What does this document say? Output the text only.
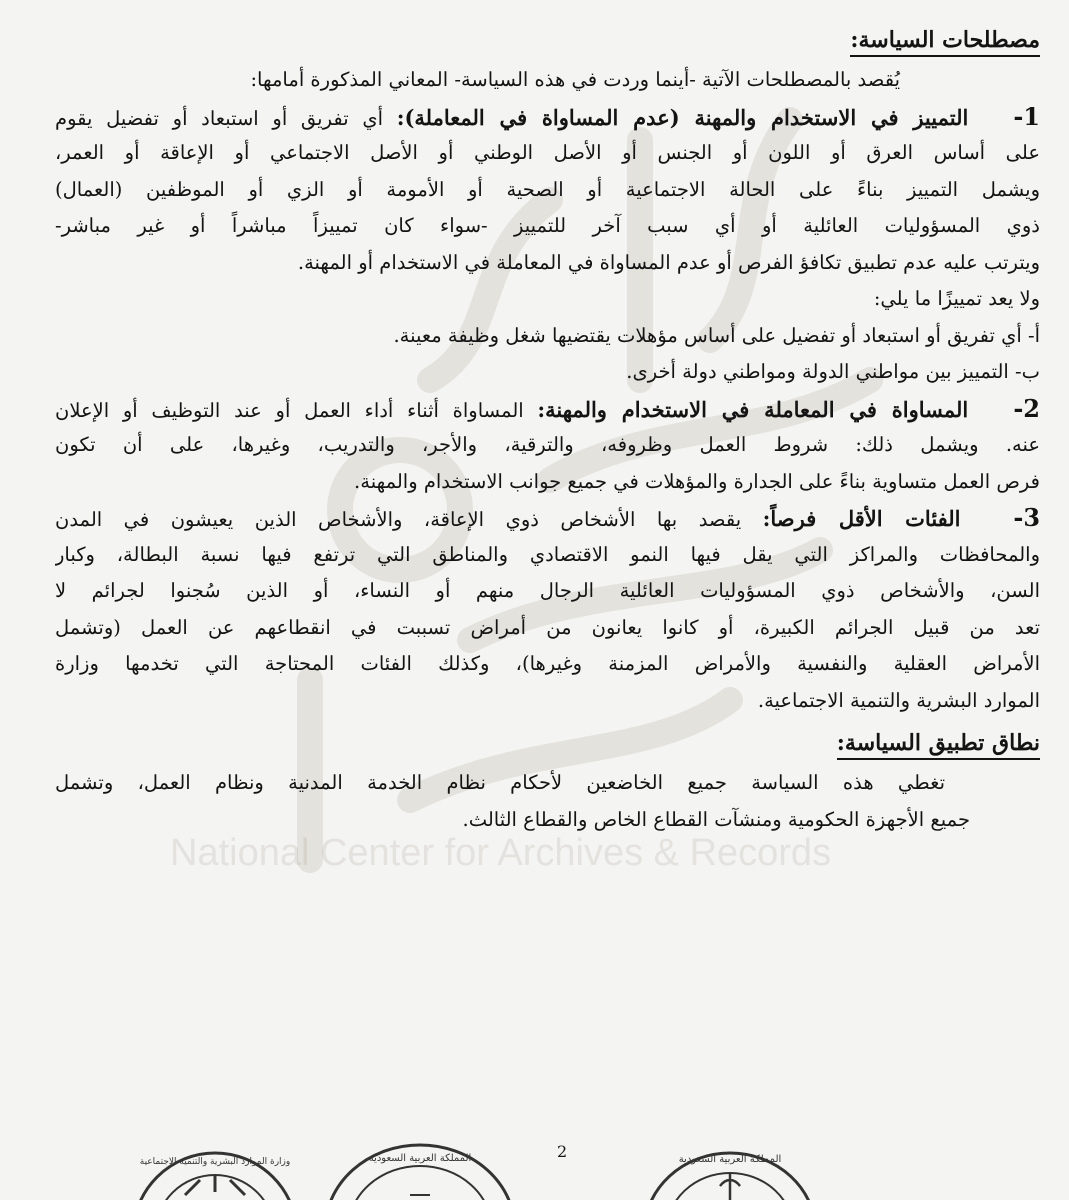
National Center for Archives & Records
مصطلحات السياسة:
يُقصد بالمصطلحات الآتية -أينما وردت في هذه السياسة- المعاني المذكورة أمامها:
1- التمييز في الاستخدام والمهنة (عدم المساواة في المعاملة): أي تفريق أو استبعاد أو تفضيل يقوم
على أساس العرق أو اللون أو الجنس أو الأصل الوطني أو الأصل الاجتماعي أو الإعاقة أو العمر،
ويشمل التمييز بناءً على الحالة الاجتماعية أو الصحية أو الأمومة أو الزي أو الموظفين (العمال)
ذوي المسؤوليات العائلية أو أي سبب آخر للتمييز -سواء كان تمييزاً مباشراً أو غير مباشر-
ويترتب عليه عدم تطبيق تكافؤ الفرص أو عدم المساواة في المعاملة في الاستخدام أو المهنة.
ولا يعد تمييزًا ما يلي:
أ- أي تفريق أو استبعاد أو تفضيل على أساس مؤهلات يقتضيها شغل وظيفة معينة.
ب- التمييز بين مواطني الدولة ومواطني دولة أخرى.
2- المساواة في المعاملة في الاستخدام والمهنة: المساواة أثناء أداء العمل أو عند التوظيف أو الإعلان
عنه. ويشمل ذلك: شروط العمل وظروفه، والترقية، والأجر، والتدريب، وغيرها، على أن تكون
فرص العمل متساوية بناءً على الجدارة والمؤهلات في جميع جوانب الاستخدام والمهنة.
3- الفئات الأقل فرصاً: يقصد بها الأشخاص ذوي الإعاقة، والأشخاص الذين يعيشون في المدن
والمحافظات والمراكز التي يقل فيها النمو الاقتصادي والمناطق التي ترتفع فيها نسبة البطالة، وكبار
السن، والأشخاص ذوي المسؤوليات العائلية الرجال منهم أو النساء، أو الذين سُجنوا لجرائم لا
تعد من قبيل الجرائم الكبيرة، أو كانوا يعانون من أمراض تسببت في انقطاعهم عن العمل (وتشمل
الأمراض العقلية والنفسية والأمراض المزمنة وغيرها)، وكذلك الفئات المحتاجة التي تخدمها وزارة
الموارد البشرية والتنمية الاجتماعية.
نطاق تطبيق السياسة:
تغطي هذه السياسة جميع الخاضعين لأحكام نظام الخدمة المدنية ونظام العمل، وتشمل
جميع الأجهزة الحكومية ومنشآت القطاع الخاص والقطاع الثالث.
2
وزارة الموارد البشرية والتنمية الاجتماعية	المملكة العربية السعودية	المملكة العربية السعودية
